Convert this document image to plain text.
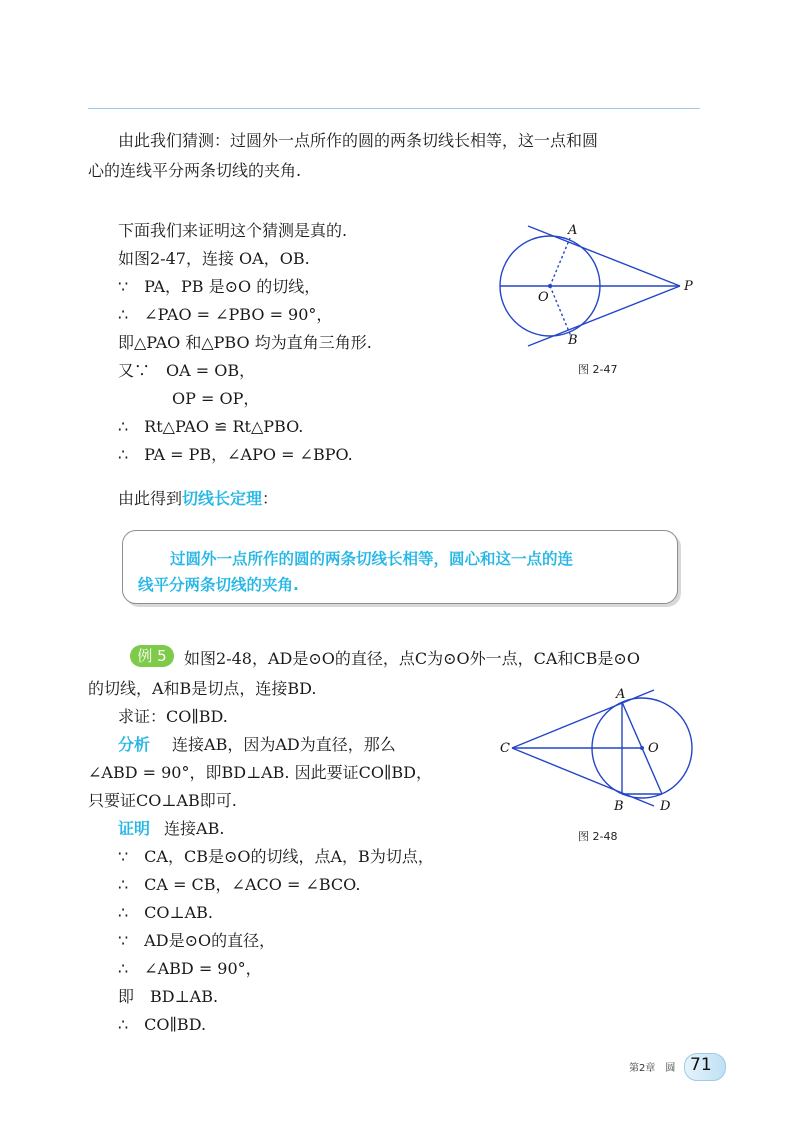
由此我们猜测：过圆外一点所作的圆的两条切线长相等，这一点和圆
心的连线平分两条切线的夹角.
下面我们来证明这个猜测是真的.
如图2-47，连接 OA，OB.
∵　PA，PB 是⊙O 的切线，
∴　∠PAO = ∠PBO = 90°，
即△PAO 和△PBO 均为直角三角形.
又∵　OA = OB，
OP = OP，
∴　Rt△PAO ≌ Rt△PBO.
∴　PA = PB，∠APO = ∠BPO.
A
B
O
P
图 2-47
由此得到切线长定理：
过圆外一点所作的圆的两条切线长相等，圆心和这一点的连
线平分两条切线的夹角.
例 5	如图2-48，AD是⊙O的直径，点C为⊙O外一点，CA和CB是⊙O
的切线，A和B是切点，连接BD.
求证：CO∥BD.
分析 连接AB，因为AD为直径，那么
∠ABD = 90°，即BD⊥AB. 因此要证CO∥BD，
只要证CO⊥AB即可.
证明 连接AB.
∵　CA，CB是⊙O的切线，点A，B为切点，
∴　CA = CB，∠ACO = ∠BCO.
∴　CO⊥AB.
∵　AD是⊙O的直径，
∴　∠ABD = 90°，
即　BD⊥AB.
∴　CO∥BD.
A
B
C
D
O
图 2-48
第2章　圆 71
